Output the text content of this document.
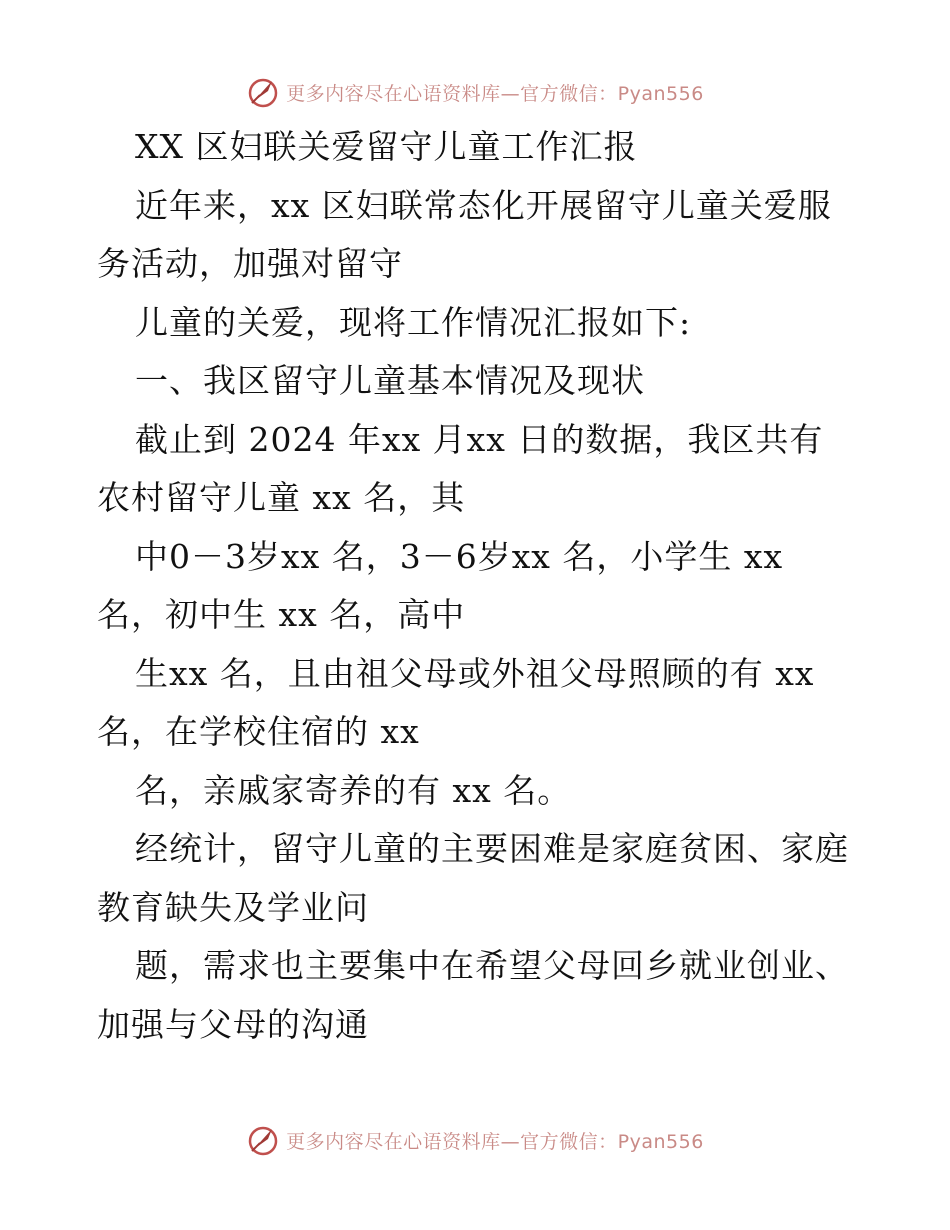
更多内容尽在心语资料库—官方微信：Pyan556
XX 区妇联关爱留守儿童工作汇报
近年来，xx 区妇联常态化开展留守儿童关爱服
务活动，加强对留守
儿童的关爱，现将工作情况汇报如下:
一、我区留守儿童基本情况及现状
截止到 2024 年xx 月xx 日的数据，我区共有
农村留守儿童 xx 名，其
中0－3岁xx 名，3－6岁xx 名，小学生 xx
名，初中生 xx 名，高中
生xx 名，且由祖父母或外祖父母照顾的有 xx
名，在学校住宿的 xx
名，亲戚家寄养的有 xx 名。
经统计，留守儿童的主要困难是家庭贫困、家庭
教育缺失及学业问
题，需求也主要集中在希望父母回乡就业创业、
加强与父母的沟通
更多内容尽在心语资料库—官方微信：Pyan556
